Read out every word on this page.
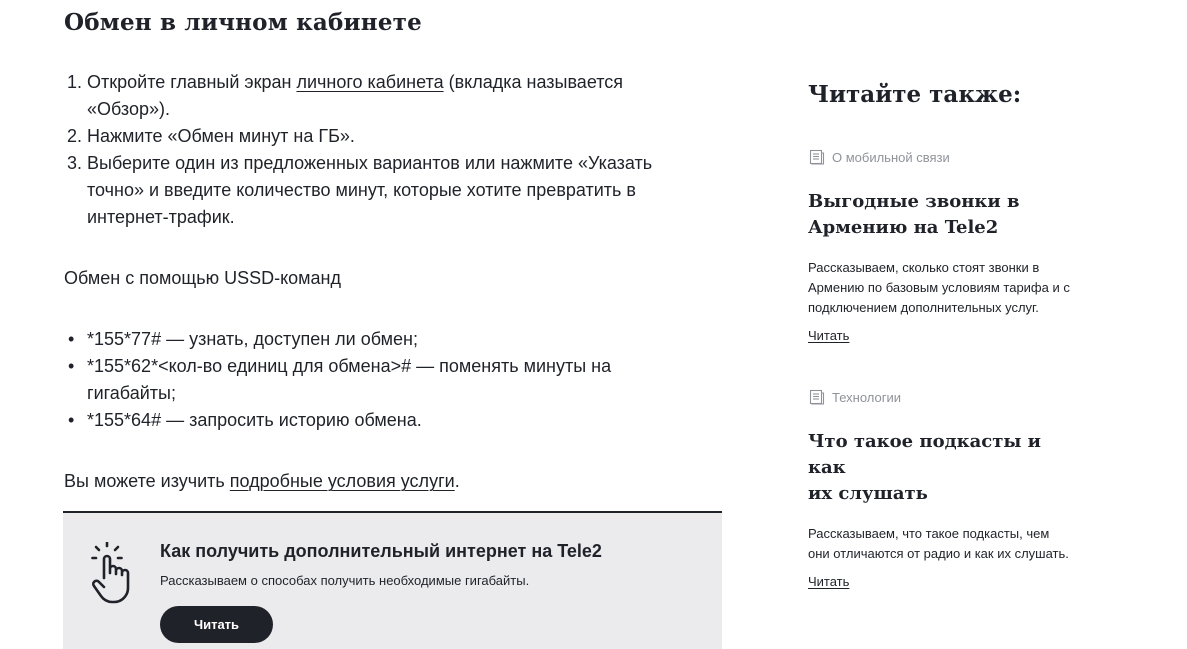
Обмен в личном кабинете
1. Откройте главный экран личного кабинета (вкладка называется
«Обзор»).
2. Нажмите «Обмен минут на ГБ».
3. Выберите один из предложенных вариантов или нажмите «Указать
точно» и введите количество минут, которые хотите превратить в
интернет-трафик.

Обмен с помощью USSD-команд

• *155*77# — узнать, доступен ли обмен;
• *155*62*<кол-во единиц для обмена># — поменять минуты на
гигабайты;
• *155*64# — запросить историю обмена.

Вы можете изучить подробные условия услуги.

Как получить дополнительный интернет на Tele2
Рассказываем о способах получить необходимые гигабайты.
Читать
Читайте также:
О мобильной связи
Выгодные звонки в
Армению на Tele2
Рассказываем, сколько стоят звонки в Армению по базовым условиям тарифа и с подключением дополнительных услуг.
Читать
Технологии
Что такое подкасты и как
их слушать
Рассказываем, что такое подкасты, чем они отличаются от радио и как их слушать.
Читать
